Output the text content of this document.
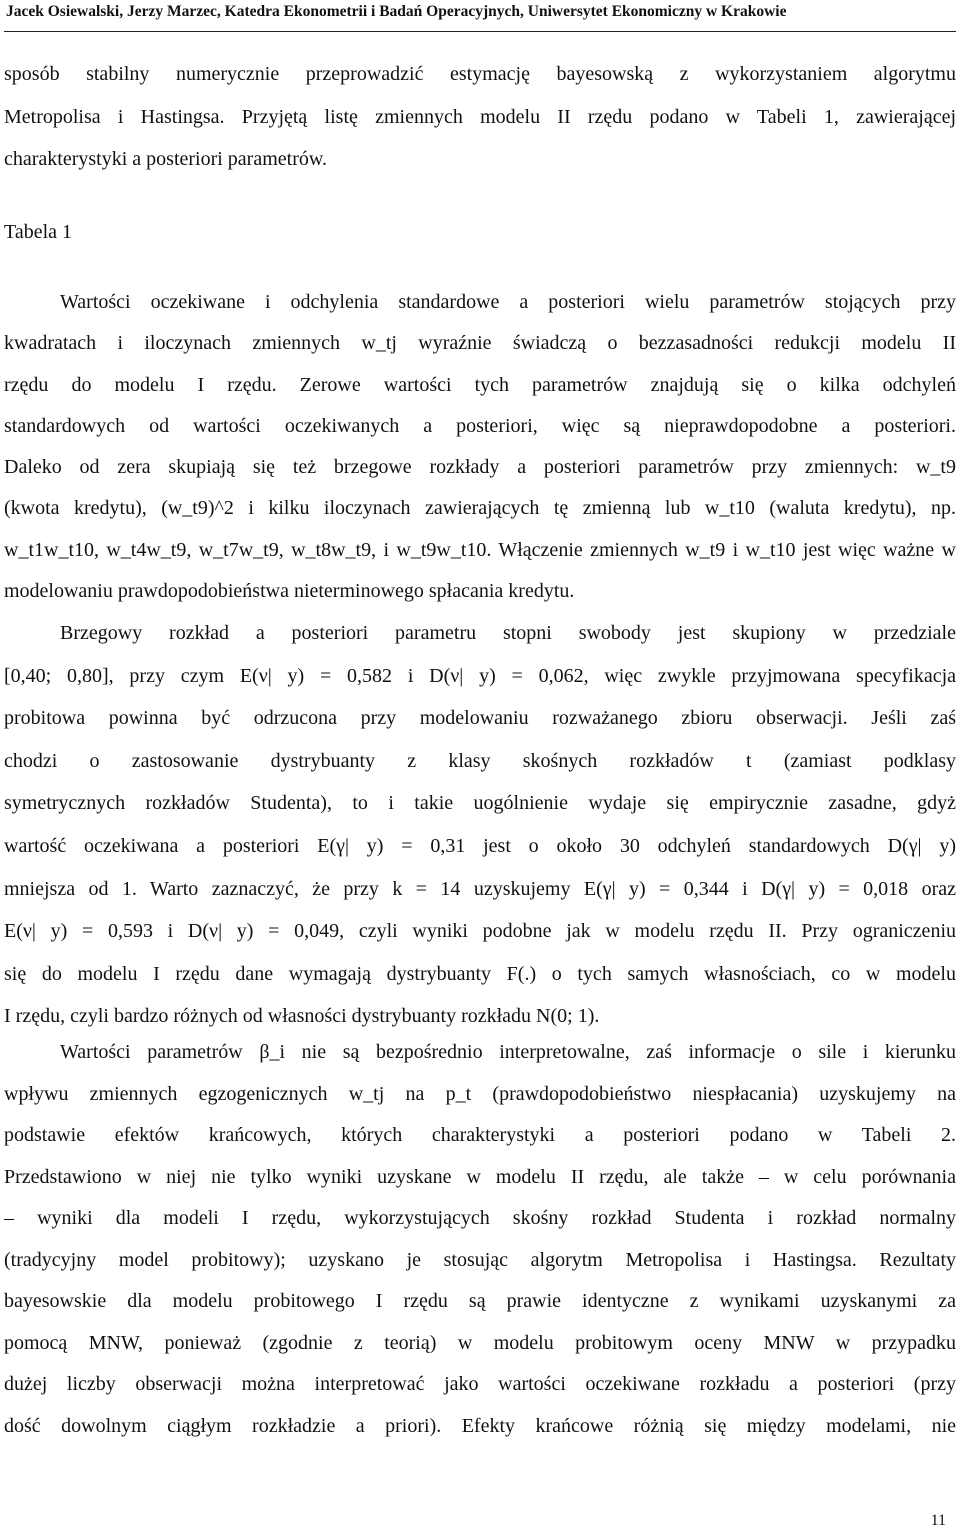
Jacek Osiewalski, Jerzy Marzec, Katedra Ekonometrii i Badań Operacyjnych, Uniwersytet Ekonomiczny w Krakowie
sposób stabilny numerycznie przeprowadzić estymację bayesowską z wykorzystaniem algorytmu
Metropolisa i Hastingsa. Przyjętą listę zmiennych modelu II rzędu podano w Tabeli 1, zawierającej
charakterystyki a posteriori parametrów.
Tabela 1
Wartości oczekiwane i odchylenia standardowe a posteriori wielu parametrów stojących przy
kwadratach i iloczynach zmiennych w_tj wyraźnie świadczą o bezzasadności redukcji modelu II
rzędu do modelu I rzędu. Zerowe wartości tych parametrów znajdują się o kilka odchyleń
standardowych od wartości oczekiwanych a posteriori, więc są nieprawdopodobne a posteriori.
Daleko od zera skupiają się też brzegowe rozkłady a posteriori parametrów przy zmiennych: w_t9
(kwota kredytu), (w_t9)^2 i kilku iloczynach zawierających tę zmienną lub w_t10 (waluta kredytu), np.
w_t1w_t10, w_t4w_t9, w_t7w_t9, w_t8w_t9, i w_t9w_t10. Włączenie zmiennych w_t9 i w_t10 jest więc ważne w
modelowaniu prawdopodobieństwa nieterminowego spłacania kredytu.
Brzegowy rozkład a posteriori parametru stopni swobody jest skupiony w przedziale
[0,40; 0,80], przy czym E(ν| y) = 0,582 i D(ν| y) = 0,062, więc zwykle przyjmowana specyfikacja
probitowa powinna być odrzucona przy modelowaniu rozważanego zbioru obserwacji. Jeśli zaś
chodzi o zastosowanie dystrybuanty z klasy skośnych rozkładów t (zamiast podklasy
symetrycznych rozkładów Studenta), to i takie uogólnienie wydaje się empirycznie zasadne, gdyż
wartość oczekiwana a posteriori E(γ| y) = 0,31 jest o około 30 odchyleń standardowych D(γ| y)
mniejsza od 1. Warto zaznaczyć, że przy k = 14 uzyskujemy E(γ| y) = 0,344 i D(γ| y) = 0,018 oraz
E(ν| y) = 0,593 i D(ν| y) = 0,049, czyli wyniki podobne jak w modelu rzędu II. Przy ograniczeniu
się do modelu I rzędu dane wymagają dystrybuanty F(.) o tych samych własnościach, co w modelu
I rzędu, czyli bardzo różnych od własności dystrybuanty rozkładu N(0; 1).
Wartości parametrów β_i nie są bezpośrednio interpretowalne, zaś informacje o sile i kierunku
wpływu zmiennych egzogenicznych w_tj na p_t (prawdopodobieństwo niespłacania) uzyskujemy na
podstawie efektów krańcowych, których charakterystyki a posteriori podano w Tabeli 2.
Przedstawiono w niej nie tylko wyniki uzyskane w modelu II rzędu, ale także – w celu porównania
– wyniki dla modeli I rzędu, wykorzystujących skośny rozkład Studenta i rozkład normalny
(tradycyjny model probitowy); uzyskano je stosując algorytm Metropolisa i Hastingsa. Rezultaty
bayesowskie dla modelu probitowego I rzędu są prawie identyczne z wynikami uzyskanymi za
pomocą MNW, ponieważ (zgodnie z teorią) w modelu probitowym oceny MNW w przypadku
dużej liczby obserwacji można interpretować jako wartości oczekiwane rozkładu a posteriori (przy
dość dowolnym ciągłym rozkładzie a priori). Efekty krańcowe różnią się między modelami, nie
11
